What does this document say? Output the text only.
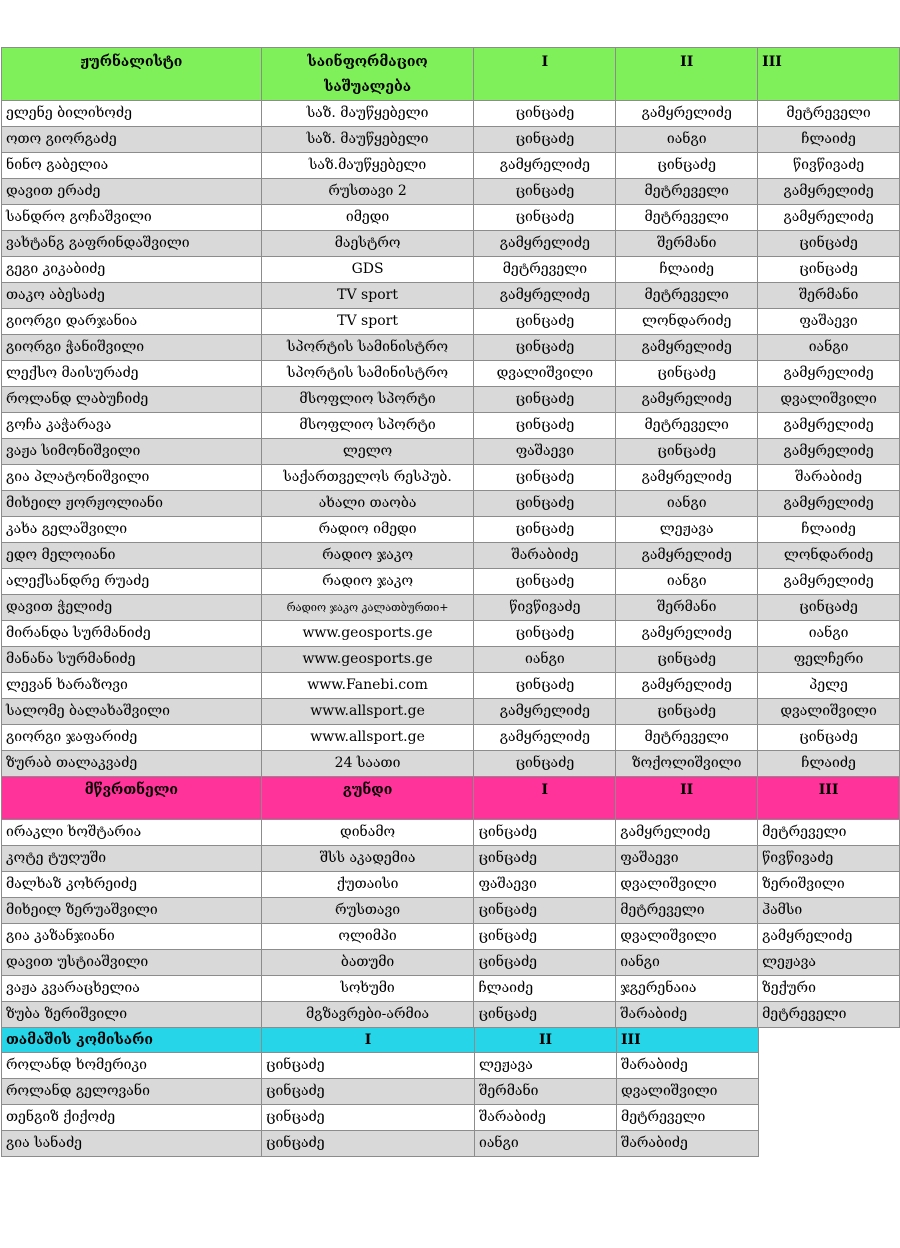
ჟურნალისტი	საინფორმაციო საშუალება	I	II	III
ელენე ბილიხოძე	საზ. მაუწყებელი	ცინცაძე	გამყრელიძე	მეტრეველი
ოთო გიორგაძე	საზ. მაუწყებელი	ცინცაძე	იანგი	ჩლაიძე
ნინო გაბელია	საზ.მაუწყებელი	გამყრელიძე	ცინცაძე	წივწივაძე
დავით ერაძე	რუსთავი 2	ცინცაძე	მეტრეველი	გამყრელიძე
სანდრო გოჩაშვილი	იმედი	ცინცაძე	მეტრეველი	გამყრელიძე
ვახტანგ გაფრინდაშვილი	მაესტრო	გამყრელიძე	შერმანი	ცინცაძე
გეგი კიკაბიძე	GDS	მეტრეველი	ჩლაიძე	ცინცაძე
თაკო აბესაძე	TV sport	გამყრელიძე	მეტრეველი	შერმანი
გიორგი დარჯანია	TV sport	ცინცაძე	ლონდარიძე	ფაშაევი
გიორგი ჭანიშვილი	სპორტის სამინისტრო	ცინცაძე	გამყრელიძე	იანგი
ლექსო მაისურაძე	სპორტის სამინისტრო	დვალიშვილი	ცინცაძე	გამყრელიძე
როლანდ ლაბუჩიძე	მსოფლიო სპორტი	ცინცაძე	გამყრელიძე	დვალიშვილი
გოჩა კაჭარავა	მსოფლიო სპორტი	ცინცაძე	მეტრეველი	გამყრელიძე
ვაჟა სიმონიშვილი	ლელო	ფაშაევი	ცინცაძე	გამყრელიძე
გია პლატონიშვილი	საქართველოს რესპუბ.	ცინცაძე	გამყრელიძე	შარაბიძე
მიხეილ ჟორჟოლიანი	ახალი თაობა	ცინცაძე	იანგი	გამყრელიძე
კახა გელაშვილი	რადიო იმედი	ცინცაძე	ლეჟავა	ჩლაიძე
ედო მელოიანი	რადიო ჯაკო	შარაბიძე	გამყრელიძე	ლონდარიძე
ალექსანდრე რუაძე	რადიო ჯაკო	ცინცაძე	იანგი	გამყრელიძე
დავით ჭელიძე	რადიო ჯაკო კალათბურთი+	წივწივაძე	შერმანი	ცინცაძე
მირანდა სურმანიძე	www.geosports.ge	ცინცაძე	გამყრელიძე	იანგი
მანანა სურმანიძე	www.geosports.ge	იანგი	ცინცაძე	ფელჩერი
ლევან ხარაზოვი	www.Fanebi.com	ცინცაძე	გამყრელიძე	პელე
სალომე ბალახაშვილი	www.allsport.ge	გამყრელიძე	ცინცაძე	დვალიშვილი
გიორგი ჯაფარიძე	www.allsport.ge	გამყრელიძე	მეტრეველი	ცინცაძე
ზურაბ თალაკვაძე	24 საათი	ცინცაძე	ზოქოლიშვილი	ჩლაიძე
მწვრთნელი	გუნდი	I	II	III
ირაკლი ხოშტარია	დინამო	ცინცაძე	გამყრელიძე	მეტრეველი
კოტე ტუღუში	შსს აკადემია	ცინცაძე	ფაშაევი	წივწივაძე
მალხაზ კოხრეიძე	ქუთაისი	ფაშაევი	დვალიშვილი	ზერიშვილი
მიხეილ ზერუაშვილი	რუსთავი	ცინცაძე	მეტრეველი	ჰამსი
გია კაზანჯიანი	ოლიმპი	ცინცაძე	დვალიშვილი	გამყრელიძე
დავით უსტიაშვილი	ბათუმი	ცინცაძე	იანგი	ლეჟავა
ვაჟა კვარაცხელია	სოხუმი	ჩლაიძე	ჯგერენაია	ზექური
ზუბა ზერიშვილი	მგზავრები-არმია	ცინცაძე	შარაბიძე	მეტრეველი
თამაშის კომისარი	I	II	III
როლანდ ხომერიკი	ცინცაძე	ლეჟავა	შარაბიძე
როლანდ გელოვანი	ცინცაძე	შერმანი	დვალიშვილი
თენგიზ ქიქოძე	ცინცაძე	შარაბიძე	მეტრეველი
გია სანაძე	ცინცაძე	იანგი	შარაბიძე
